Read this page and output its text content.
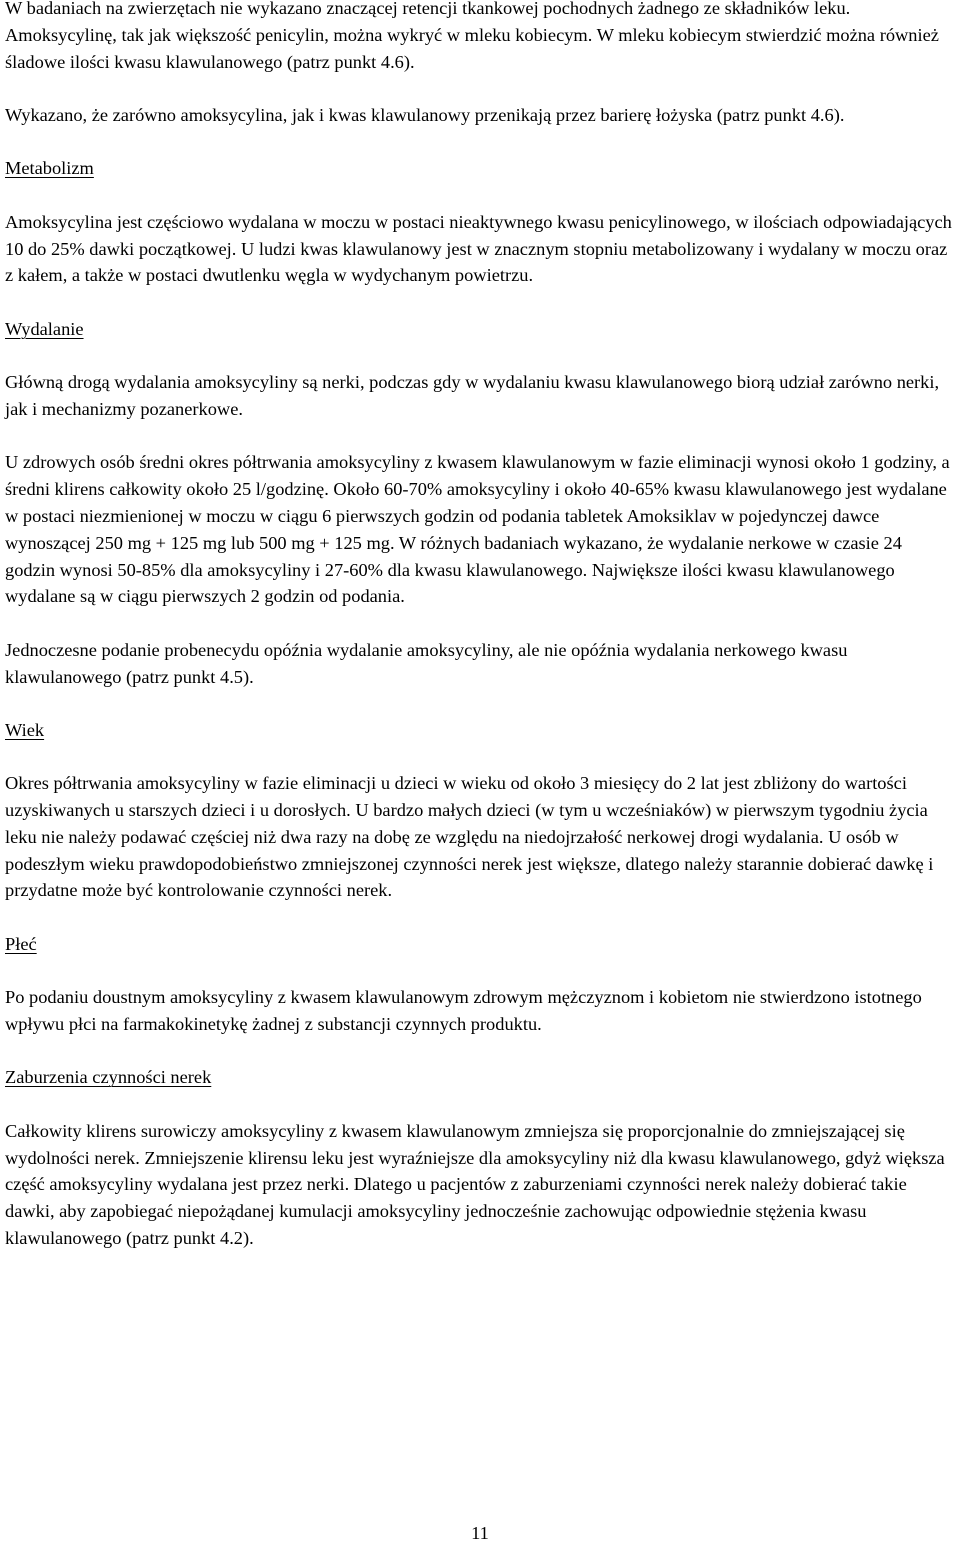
W badaniach na zwierzętach nie wykazano znaczącej retencji tkankowej pochodnych żadnego ze składników leku. Amoksycylinę, tak jak większość penicylin, można wykryć w mleku kobiecym. W mleku kobiecym stwierdzić można również śladowe ilości kwasu klawulanowego (patrz punkt 4.6).

Wykazano, że zarówno amoksycylina, jak i kwas klawulanowy przenikają przez barierę łożyska (patrz punkt 4.6).

Metabolizm

Amoksycylina jest częściowo wydalana w moczu w postaci nieaktywnego kwasu penicylinowego, w ilościach odpowiadających 10 do 25% dawki początkowej. U ludzi kwas klawulanowy jest w znacznym stopniu metabolizowany i wydalany w moczu oraz z kałem, a także w postaci dwutlenku węgla w wydychanym powietrzu.

Wydalanie

Główną drogą wydalania amoksycyliny są nerki, podczas gdy w wydalaniu kwasu klawulanowego biorą udział zarówno nerki, jak i mechanizmy pozanerkowe.

U zdrowych osób średni okres półtrwania amoksycyliny z kwasem klawulanowym w fazie eliminacji wynosi około 1 godziny, a średni klirens całkowity około 25 l/godzinę. Około 60-70% amoksycyliny i około 40-65% kwasu klawulanowego jest wydalane w postaci niezmienionej w moczu w ciągu 6 pierwszych godzin od podania tabletek Amoksiklav w pojedynczej dawce wynoszącej 250 mg + 125 mg lub 500 mg + 125 mg. W różnych badaniach wykazano, że wydalanie nerkowe w czasie 24 godzin wynosi 50-85% dla amoksycyliny i 27-60% dla kwasu klawulanowego. Największe ilości kwasu klawulanowego wydalane są w ciągu pierwszych 2 godzin od podania.

Jednoczesne podanie probenecydu opóźnia wydalanie amoksycyliny, ale nie opóźnia wydalania nerkowego kwasu klawulanowego (patrz punkt 4.5).

Wiek

Okres półtrwania amoksycyliny w fazie eliminacji u dzieci w wieku od około 3 miesięcy do 2 lat jest zbliżony do wartości uzyskiwanych u starszych dzieci i u dorosłych. U bardzo małych dzieci (w tym u wcześniaków) w pierwszym tygodniu życia leku nie należy podawać częściej niż dwa razy na dobę ze względu na niedojrzałość nerkowej drogi wydalania. U osób w podeszłym wieku prawdopodobieństwo zmniejszonej czynności nerek jest większe, dlatego należy starannie dobierać dawkę i przydatne może być kontrolowanie czynności nerek.

Płeć

Po podaniu doustnym amoksycyliny z kwasem klawulanowym zdrowym mężczyznom i kobietom nie stwierdzono istotnego wpływu płci na farmakokinetykę żadnej z substancji czynnych produktu.

Zaburzenia czynności nerek

Całkowity klirens surowiczy amoksycyliny z kwasem klawulanowym zmniejsza się proporcjonalnie do zmniejszającej się wydolności nerek. Zmniejszenie klirensu leku jest wyraźniejsze dla amoksycyliny niż dla kwasu klawulanowego, gdyż większa część amoksycyliny wydalana jest przez nerki. Dlatego u pacjentów z zaburzeniami czynności nerek należy dobierać takie dawki, aby zapobiegać niepożądanej kumulacji amoksycyliny jednocześnie zachowując odpowiednie stężenia kwasu klawulanowego (patrz punkt 4.2).

11
